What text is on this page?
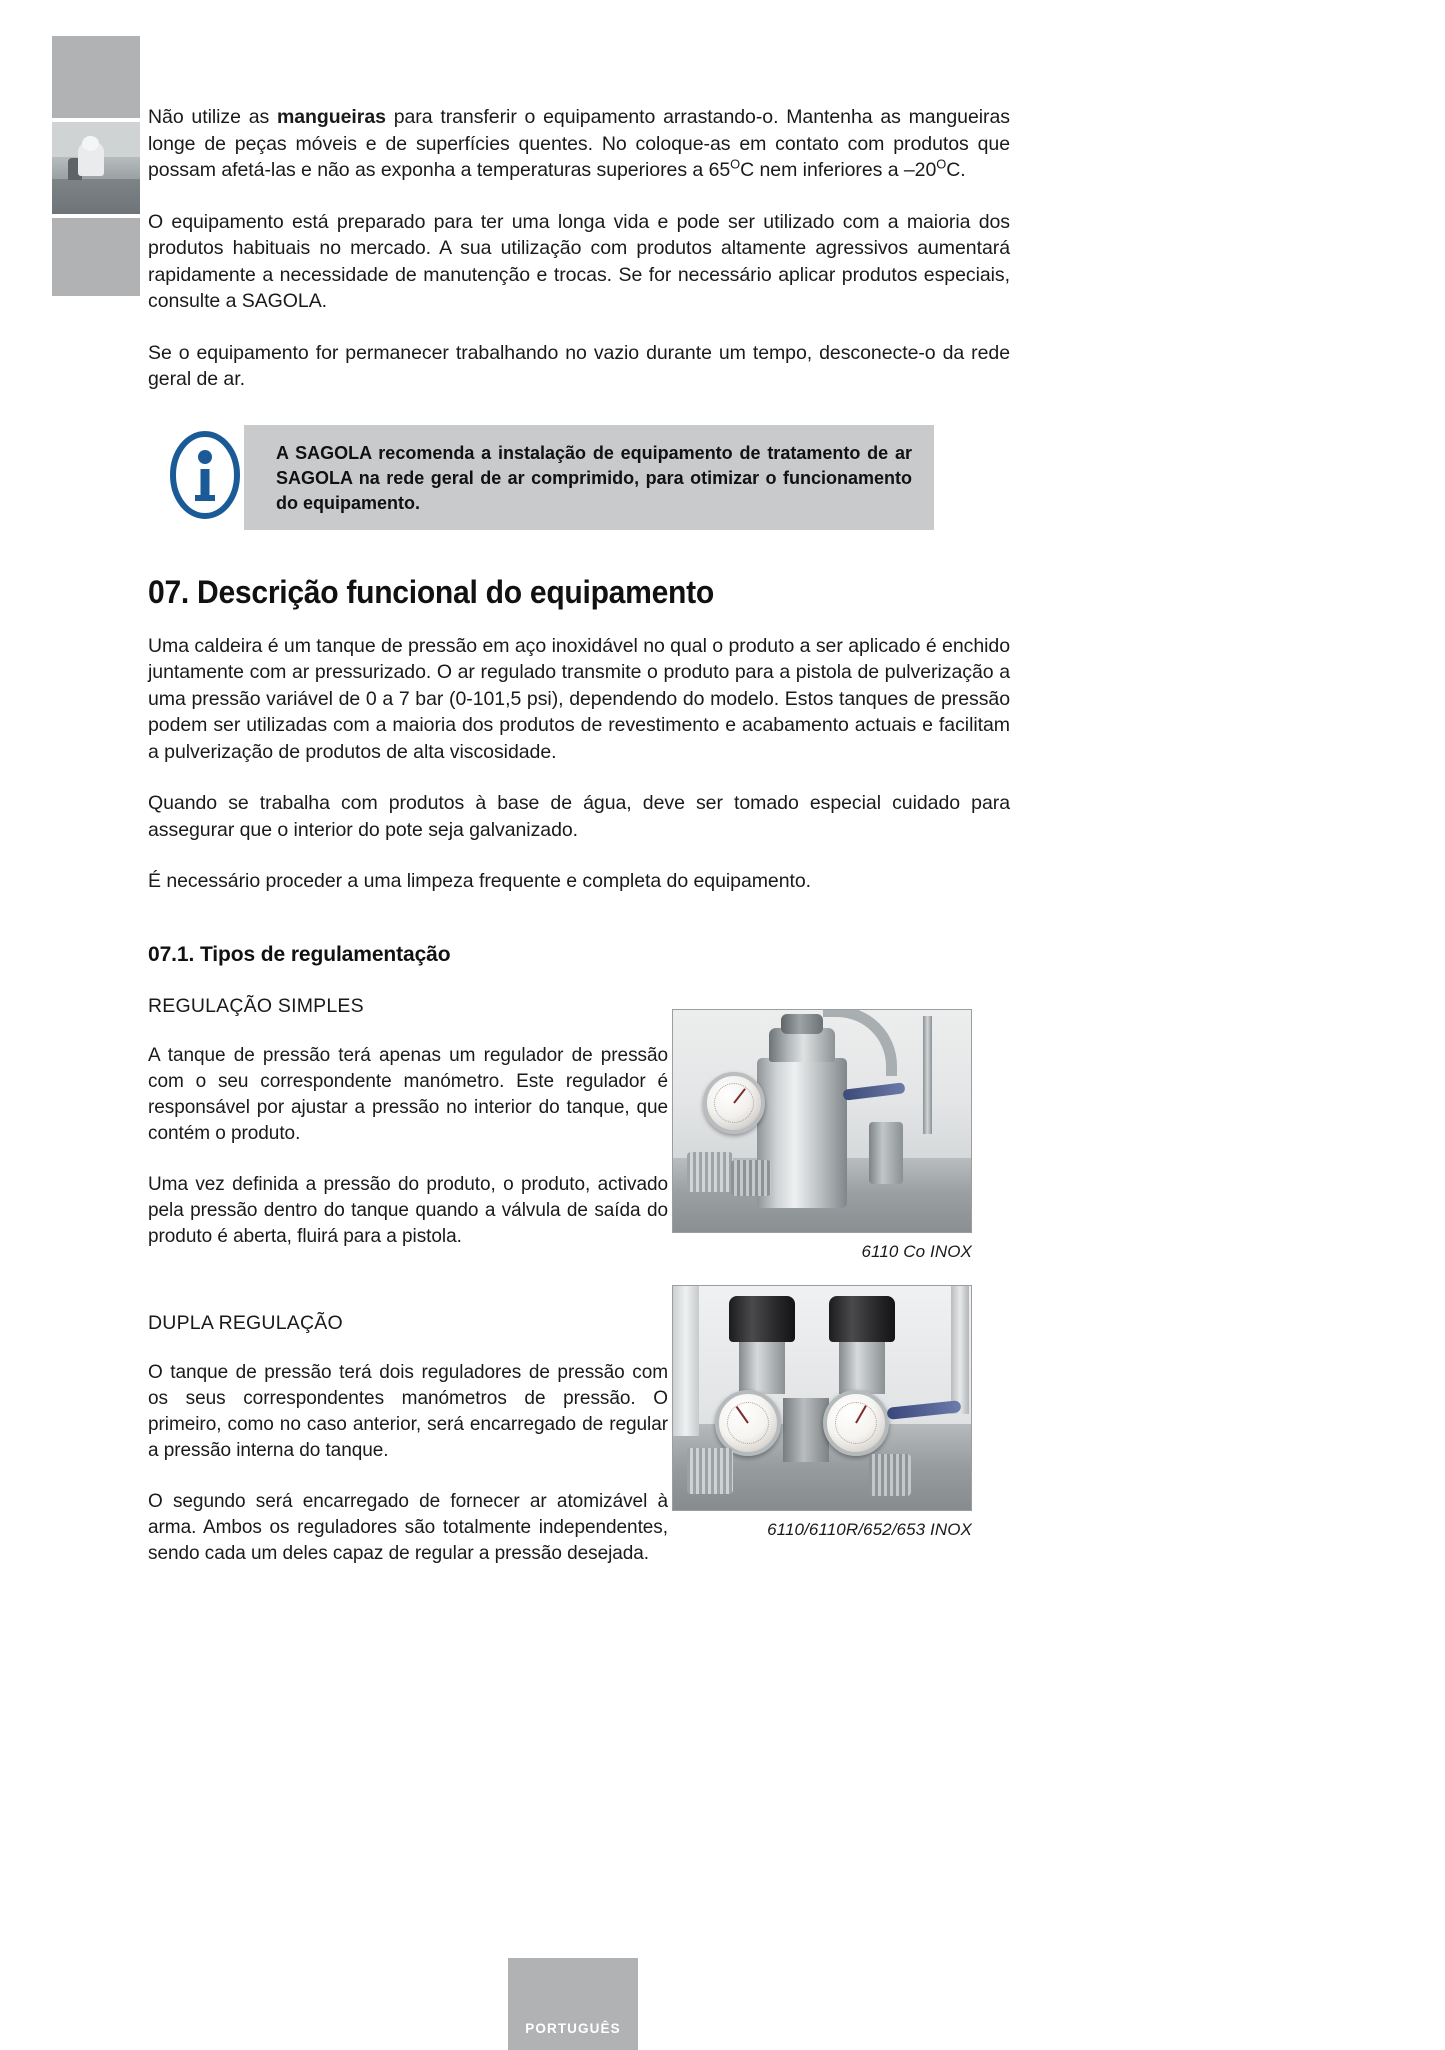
Não utilize as mangueiras para transferir o equipamento arrastando-o. Mantenha as mangueiras longe de peças móveis e de superfícies quentes. No coloque-as em contato com produtos que possam afetá-las e não as exponha a temperaturas superiores a $65^OC$ nem inferiores a $-20^OC$.

O equipamento está preparado para ter uma longa vida e pode ser utilizado com a maioria dos produtos habituais no mercado. A sua utilização com produtos altamente agressivos aumentará rapidamente a necessidade de manutenção e trocas. Se for necessário aplicar produtos especiais, consulte a SAGOLA.

Se o equipamento for permanecer trabalhando no vazio durante um tempo, desconecte-o da rede geral de ar.

A SAGOLA recomenda a instalação de equipamento de tratamento de ar SAGOLA na rede geral de ar comprimido, para otimizar o funcionamento do equipamento.

07. Descrição funcional do equipamento

Uma caldeira é um tanque de pressão em aço inoxidável no qual o produto a ser aplicado é enchido juntamente com ar pressurizado. O ar regulado transmite o produto para a pistola de pulverização a uma pressão variável de 0 a 7 bar (0-101,5 psi), dependendo do modelo. Estos tanques de pressão podem ser utilizadas com a maioria dos produtos de revestimento e acabamento actuais e facilitam a pulverização de produtos de alta viscosidade.

Quando se trabalha com produtos à base de água, deve ser tomado especial cuidado para assegurar que o interior do pote seja galvanizado.

É necessário proceder a uma limpeza frequente e completa do equipamento.

07.1. Tipos de regulamentação
6110 Co INOX
6110/6110R/652/653 INOX

REGULAÇÃO SIMPLES

A tanque de pressão terá apenas um regulador de pressão com o seu correspondente manómetro. Este regulador é responsável por ajustar a pressão no interior do tanque, que contém o produto.

Uma vez definida a pressão do produto, o produto, activado pela pressão dentro do tanque quando a válvula de saída do produto é aberta, fluirá para a pistola.

DUPLA REGULAÇÃO

O tanque de pressão terá dois reguladores de pressão com os seus correspondentes manómetros de pressão. O primeiro, como no caso anterior, será encarregado de regular a pressão interna do tanque.

O segundo será encarregado de fornecer ar atomizável à arma. Ambos os reguladores são totalmente independentes, sendo cada um deles capaz de regular a pressão desejada.

PORTUGUÊS
